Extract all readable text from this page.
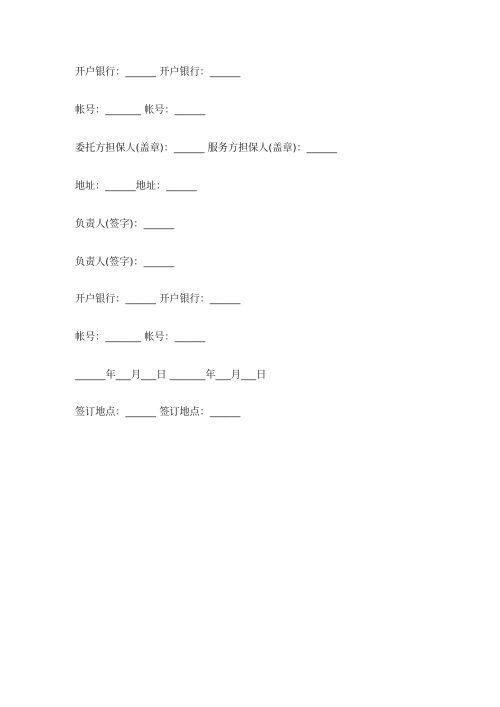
开户银行：______ 开户银行：______
帐号：_______ 帐号：______
委托方担保人(盖章)：______ 服务方担保人(盖章)：______
地址：______地址：______
负责人(签字)：______
负责人(签字)：______
开户银行：______ 开户银行：______
帐号：_______ 帐号：______
______年___月___日 _______年___月___日
签订地点：______ 签订地点：______
